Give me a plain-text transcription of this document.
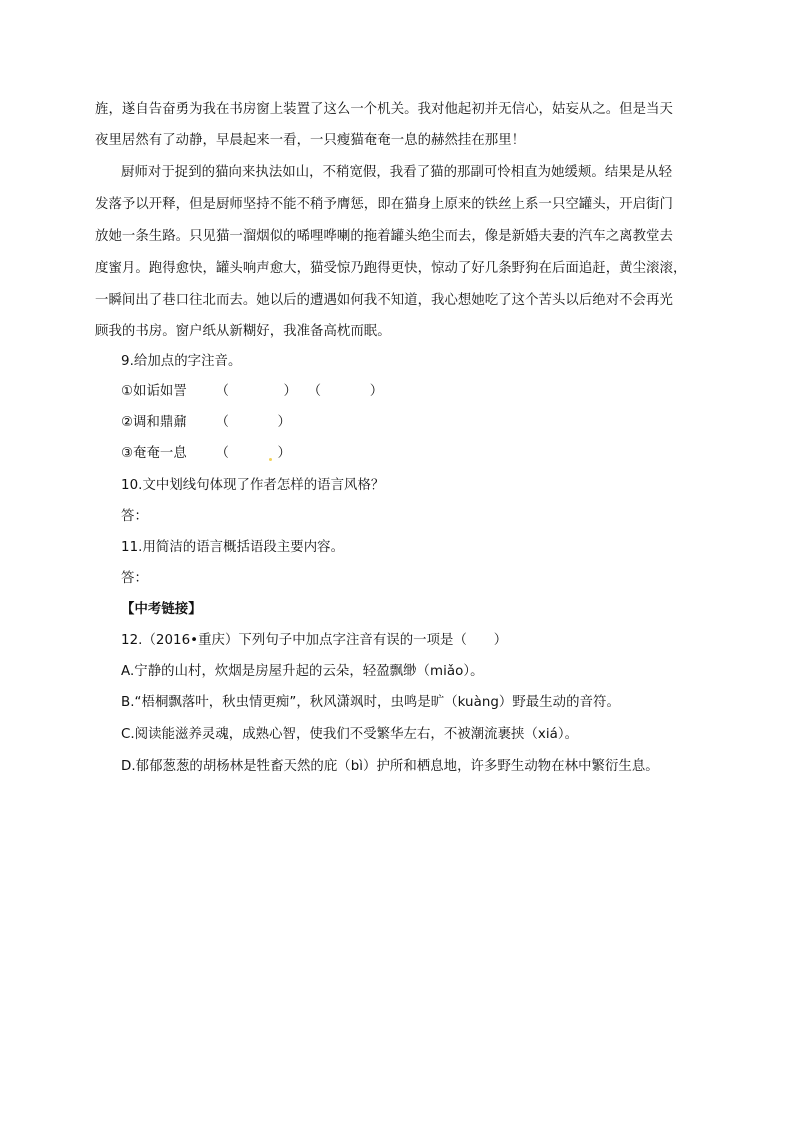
旌，遂自告奋勇为我在书房窗上装置了这么一个机关。我对他起初并无信心，姑妄从之。但是当天
夜里居然有了动静，早晨起来一看，一只瘦猫奄奄一息的赫然挂在那里！
厨师对于捉到的猫向来执法如山，不稍宽假，我看了猫的那副可怜相直为她缓颊。结果是从轻
发落予以开释，但是厨师坚持不能不稍予膺惩，即在猫身上原来的铁丝上系一只空罐头，开启街门
放她一条生路。只见猫一溜烟似的唏哩哗喇的拖着罐头绝尘而去，像是新婚夫妻的汽车之离教堂去
度蜜月。跑得愈快，罐头响声愈大，猫受惊乃跑得更快，惊动了好几条野狗在后面追赶，黄尘滚滚，
一瞬间出了巷口往北而去。她以后的遭遇如何我不知道，我心想她吃了这个苦头以后绝对不会再光
顾我的书房。窗户纸从新糊好，我准备高枕而眠。
9.给加点的字注音。
①如诟如詈 （	） （	）
②调和鼎鼐 （	）
③奄奄一息 （	）
10.文中划线句体现了作者怎样的语言风格？
答：
11.用简洁的语言概括语段主要内容。
答：
【中考链接】
12.（2016•重庆）下列句子中加点字注音有误的一项是（　　）
A.宁静的山村，炊烟是房屋升起的云朵，轻盈飘缈（miǎo）。
B.“梧桐飘落叶，秋虫情更痴”，秋风潇飒时，虫鸣是旷（kuàng）野最生动的音符。
C.阅读能滋养灵魂，成熟心智，使我们不受繁华左右，不被潮流裹挟（xiá）。
D.郁郁葱葱的胡杨林是牲畜天然的庇（bì）护所和栖息地，许多野生动物在林中繁衍生息。
